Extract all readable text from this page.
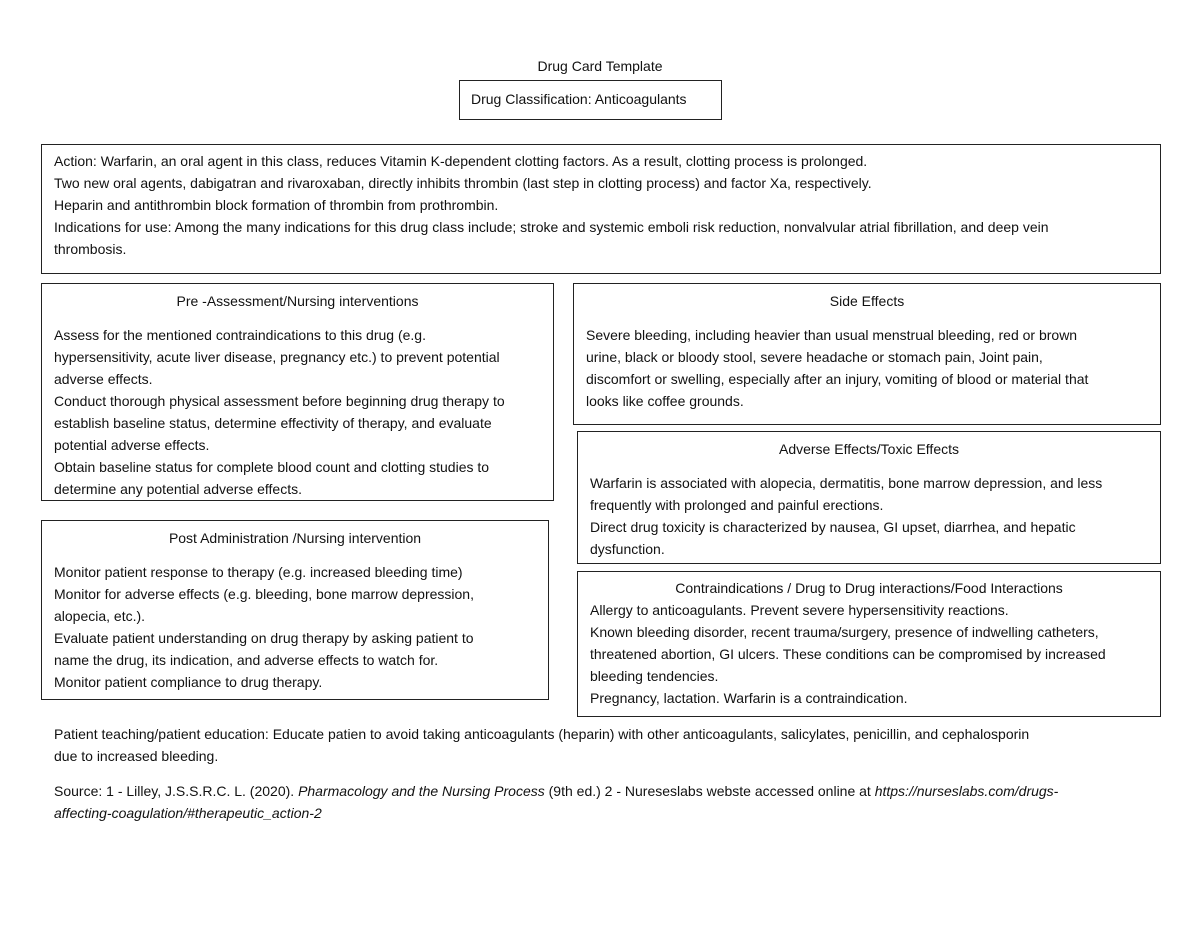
Drug Card Template
Drug Classification: Anticoagulants
Action: Warfarin, an oral agent in this class, reduces Vitamin K-dependent clotting factors. As a result, clotting process is prolonged.
Two new oral agents, dabigatran and rivaroxaban, directly inhibits thrombin (last step in clotting process) and factor Xa, respectively.
Heparin and antithrombin block formation of thrombin from prothrombin.
Indications for use: Among the many indications for this drug class include; stroke and systemic emboli risk reduction, nonvalvular atrial fibrillation, and deep vein
thrombosis.
Pre -Assessment/Nursing interventions
Assess for the mentioned contraindications to this drug (e.g.
hypersensitivity, acute liver disease, pregnancy etc.) to prevent potential
adverse effects.
Conduct thorough physical assessment before beginning drug therapy to
establish baseline status, determine effectivity of therapy, and evaluate
potential adverse effects.
Obtain baseline status for complete blood count and clotting studies to
determine any potential adverse effects.
Side Effects
Severe bleeding, including heavier than usual menstrual bleeding, red or brown
urine, black or bloody stool, severe headache or stomach pain, Joint pain,
discomfort or swelling, especially after an injury, vomiting of blood or material that
looks like coffee grounds.
Adverse Effects/Toxic Effects
Warfarin is associated with alopecia, dermatitis, bone marrow depression, and less
frequently with prolonged and painful erections.
Direct drug toxicity is characterized by nausea, GI upset, diarrhea, and hepatic
dysfunction.
Post Administration /Nursing intervention
Monitor patient response to therapy (e.g. increased bleeding time)
Monitor for adverse effects (e.g. bleeding, bone marrow depression,
alopecia, etc.).
Evaluate patient understanding on drug therapy by asking patient to
name the drug, its indication, and adverse effects to watch for.
Monitor patient compliance to drug therapy.
Contraindications / Drug to Drug interactions/Food Interactions
Allergy to anticoagulants. Prevent severe hypersensitivity reactions.
Known bleeding disorder, recent trauma/surgery, presence of indwelling catheters,
threatened abortion, GI ulcers. These conditions can be compromised by increased
bleeding tendencies.
Pregnancy, lactation. Warfarin is a contraindication.
Patient teaching/patient education: Educate patien to avoid taking anticoagulants (heparin) with other anticoagulants, salicylates, penicillin, and cephalosporin
due to increased bleeding.
Source: 1 - Lilley, J.S.S.R.C. L. (2020). Pharmacology and the Nursing Process (9th ed.) 2 - Nureseslabs webste accessed online at https://nurseslabs.com/drugs-
affecting-coagulation/#therapeutic_action-2
